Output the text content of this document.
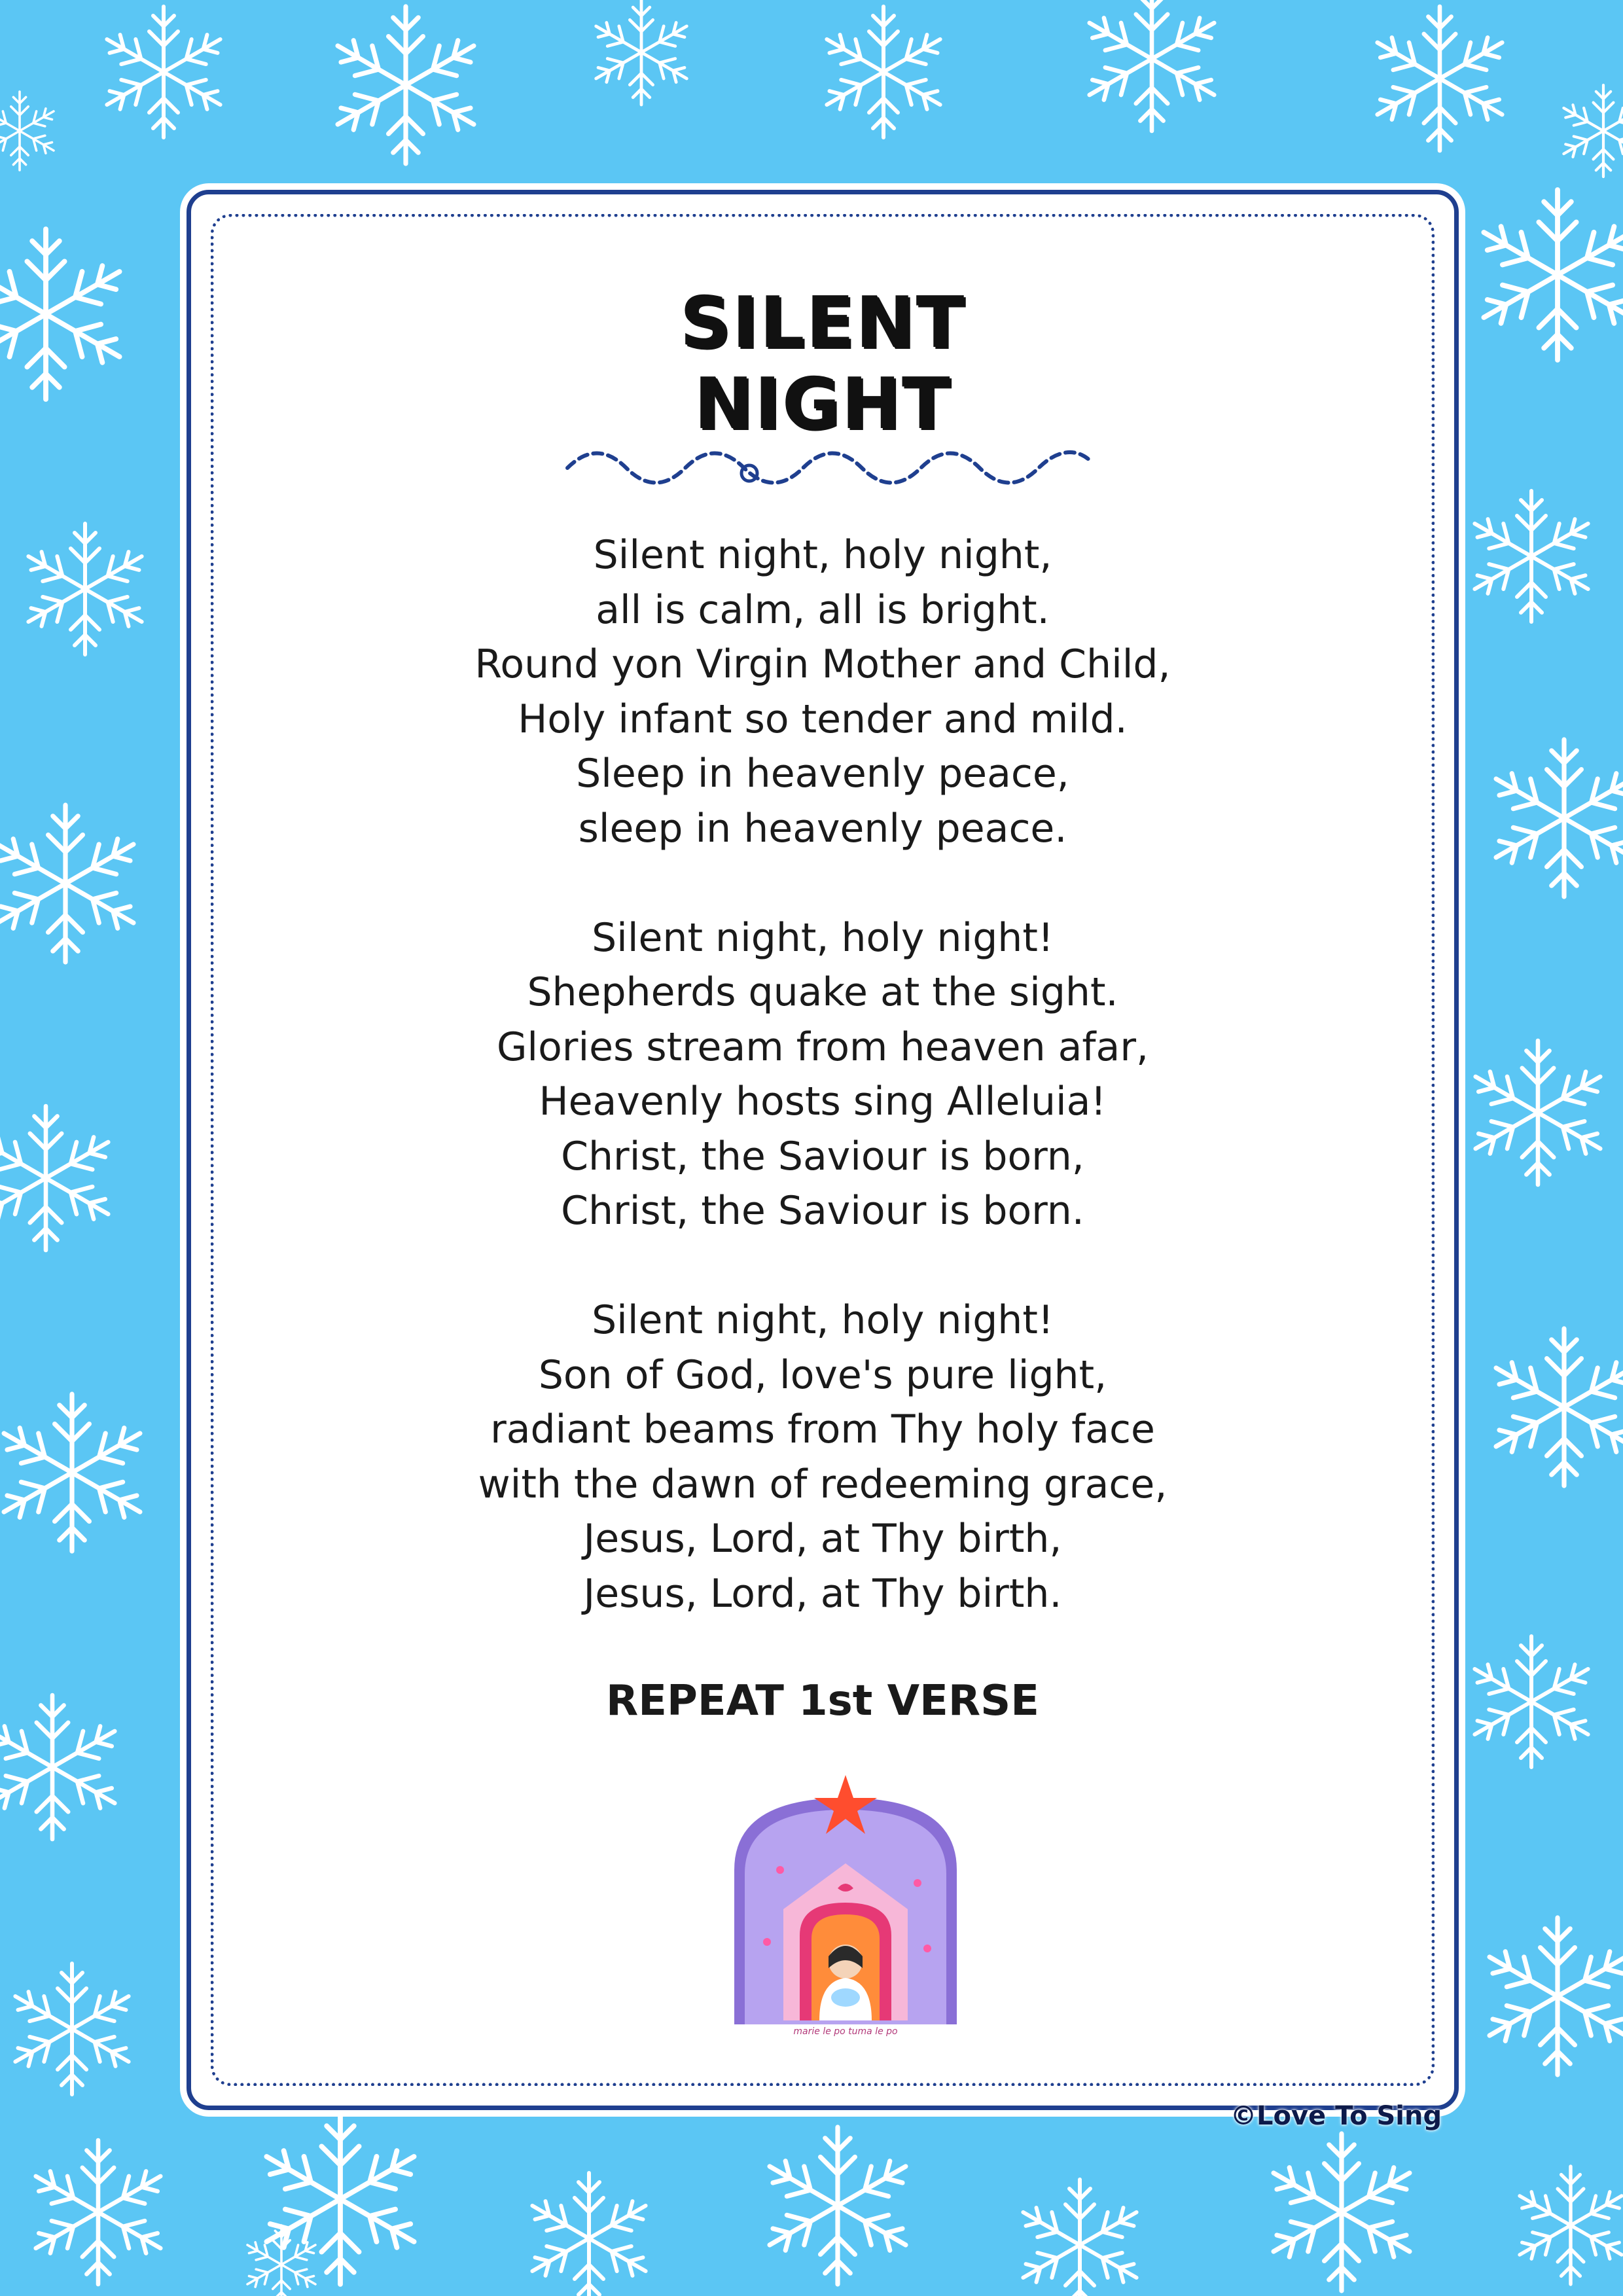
SILENT
NIGHT
Silent night, holy night,
all is calm, all is bright.
Round yon Virgin Mother and Child,
Holy infant so tender and mild.
Sleep in heavenly peace,
sleep in heavenly peace.
Silent night, holy night!
Shepherds quake at the sight.
Glories stream from heaven afar,
Heavenly hosts sing Alleluia!
Christ, the Saviour is born,
Christ, the Saviour is born.
Silent night, holy night!
Son of God, love's pure light,
radiant beams from Thy holy face
with the dawn of redeeming grace,
Jesus, Lord, at Thy birth,
Jesus, Lord, at Thy birth.
REPEAT 1st VERSE
marie le po tuma le po
©Love To Sing
